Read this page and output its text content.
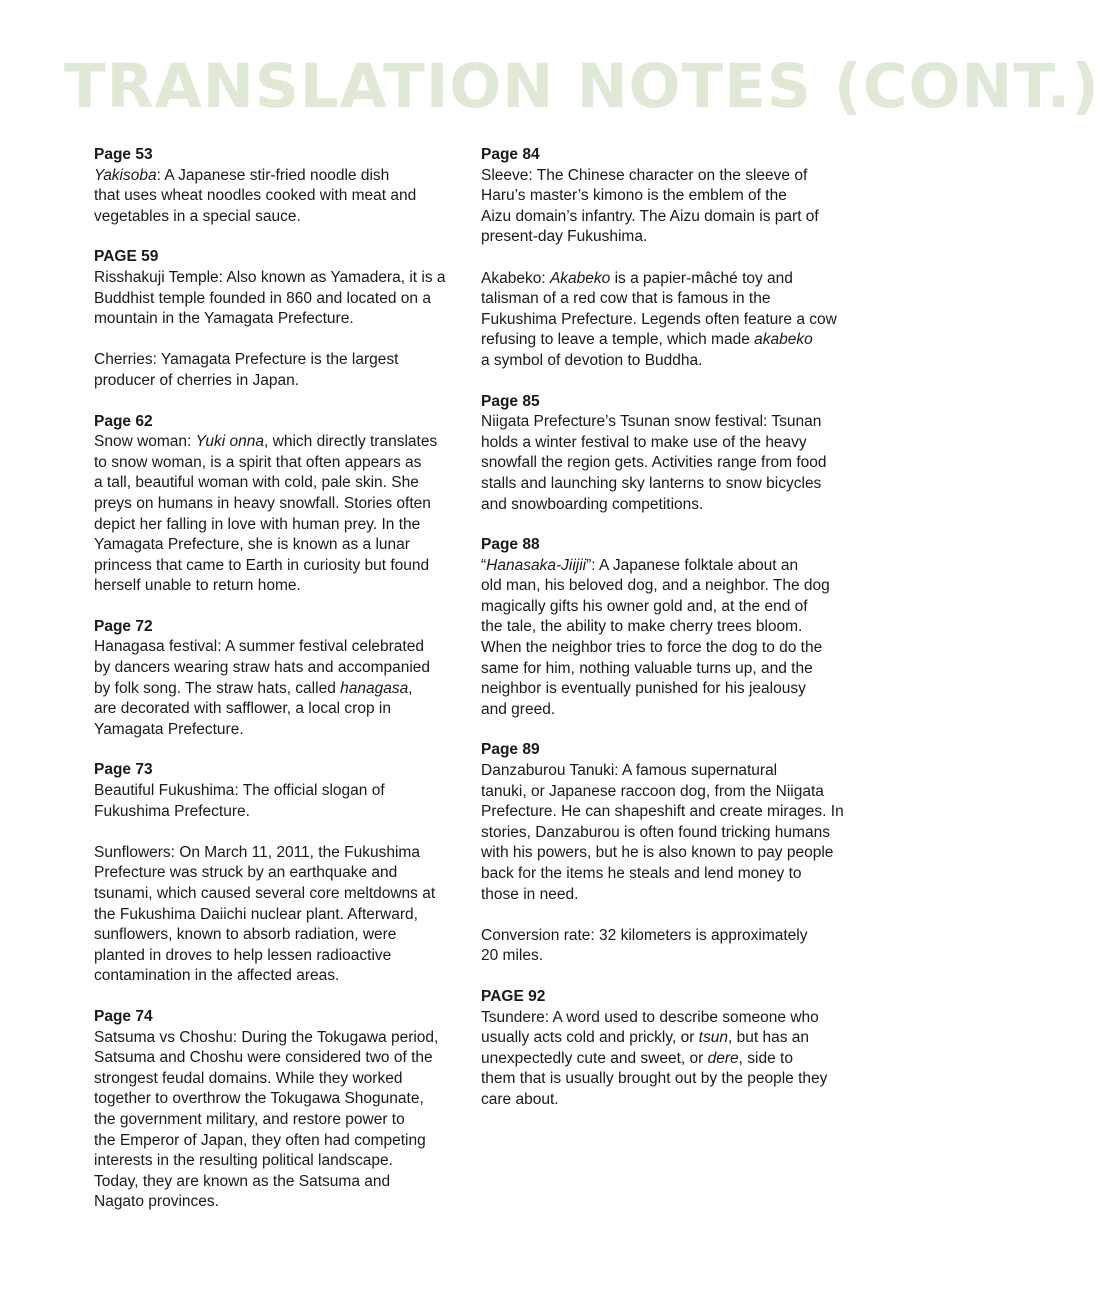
TRANSLATION NOTES (CONT.)
Page 53
Yakisoba: A Japanese stir-fried noodle dish
that uses wheat noodles cooked with meat and
vegetables in a special sauce.
PAGE 59
Risshakuji Temple: Also known as Yamadera, it is a
Buddhist temple founded in 860 and located on a
mountain in the Yamagata Prefecture.
Cherries: Yamagata Prefecture is the largest
producer of cherries in Japan.
Page 62
Snow woman: Yuki onna, which directly translates
to snow woman, is a spirit that often appears as
a tall, beautiful woman with cold, pale skin. She
preys on humans in heavy snowfall. Stories often
depict her falling in love with human prey. In the
Yamagata Prefecture, she is known as a lunar
princess that came to Earth in curiosity but found
herself unable to return home.
Page 72
Hanagasa festival: A summer festival celebrated
by dancers wearing straw hats and accompanied
by folk song. The straw hats, called hanagasa,
are decorated with safflower, a local crop in
Yamagata Prefecture.
Page 73
Beautiful Fukushima: The official slogan of
Fukushima Prefecture.
Sunflowers: On March 11, 2011, the Fukushima
Prefecture was struck by an earthquake and
tsunami, which caused several core meltdowns at
the Fukushima Daiichi nuclear plant. Afterward,
sunflowers, known to absorb radiation, were
planted in droves to help lessen radioactive
contamination in the affected areas.
Page 74
Satsuma vs Choshu: During the Tokugawa period,
Satsuma and Choshu were considered two of the
strongest feudal domains. While they worked
together to overthrow the Tokugawa Shogunate,
the government military, and restore power to
the Emperor of Japan, they often had competing
interests in the resulting political landscape.
Today, they are known as the Satsuma and
Nagato provinces.
Page 84
Sleeve: The Chinese character on the sleeve of
Haru’s master’s kimono is the emblem of the
Aizu domain’s infantry. The Aizu domain is part of
present-day Fukushima.
Akabeko: Akabeko is a papier-mâché toy and
talisman of a red cow that is famous in the
Fukushima Prefecture. Legends often feature a cow
refusing to leave a temple, which made akabeko
a symbol of devotion to Buddha.
Page 85
Niigata Prefecture’s Tsunan snow festival: Tsunan
holds a winter festival to make use of the heavy
snowfall the region gets. Activities range from food
stalls and launching sky lanterns to snow bicycles
and snowboarding competitions.
Page 88
“Hanasaka-Jiijii”: A Japanese folktale about an
old man, his beloved dog, and a neighbor. The dog
magically gifts his owner gold and, at the end of
the tale, the ability to make cherry trees bloom.
When the neighbor tries to force the dog to do the
same for him, nothing valuable turns up, and the
neighbor is eventually punished for his jealousy
and greed.
Page 89
Danzaburou Tanuki: A famous supernatural
tanuki, or Japanese raccoon dog, from the Niigata
Prefecture. He can shapeshift and create mirages. In
stories, Danzaburou is often found tricking humans
with his powers, but he is also known to pay people
back for the items he steals and lend money to
those in need.
Conversion rate: 32 kilometers is approximately
20 miles.
PAGE 92
Tsundere: A word used to describe someone who
usually acts cold and prickly, or tsun, but has an
unexpectedly cute and sweet, or dere, side to
them that is usually brought out by the people they
care about.
